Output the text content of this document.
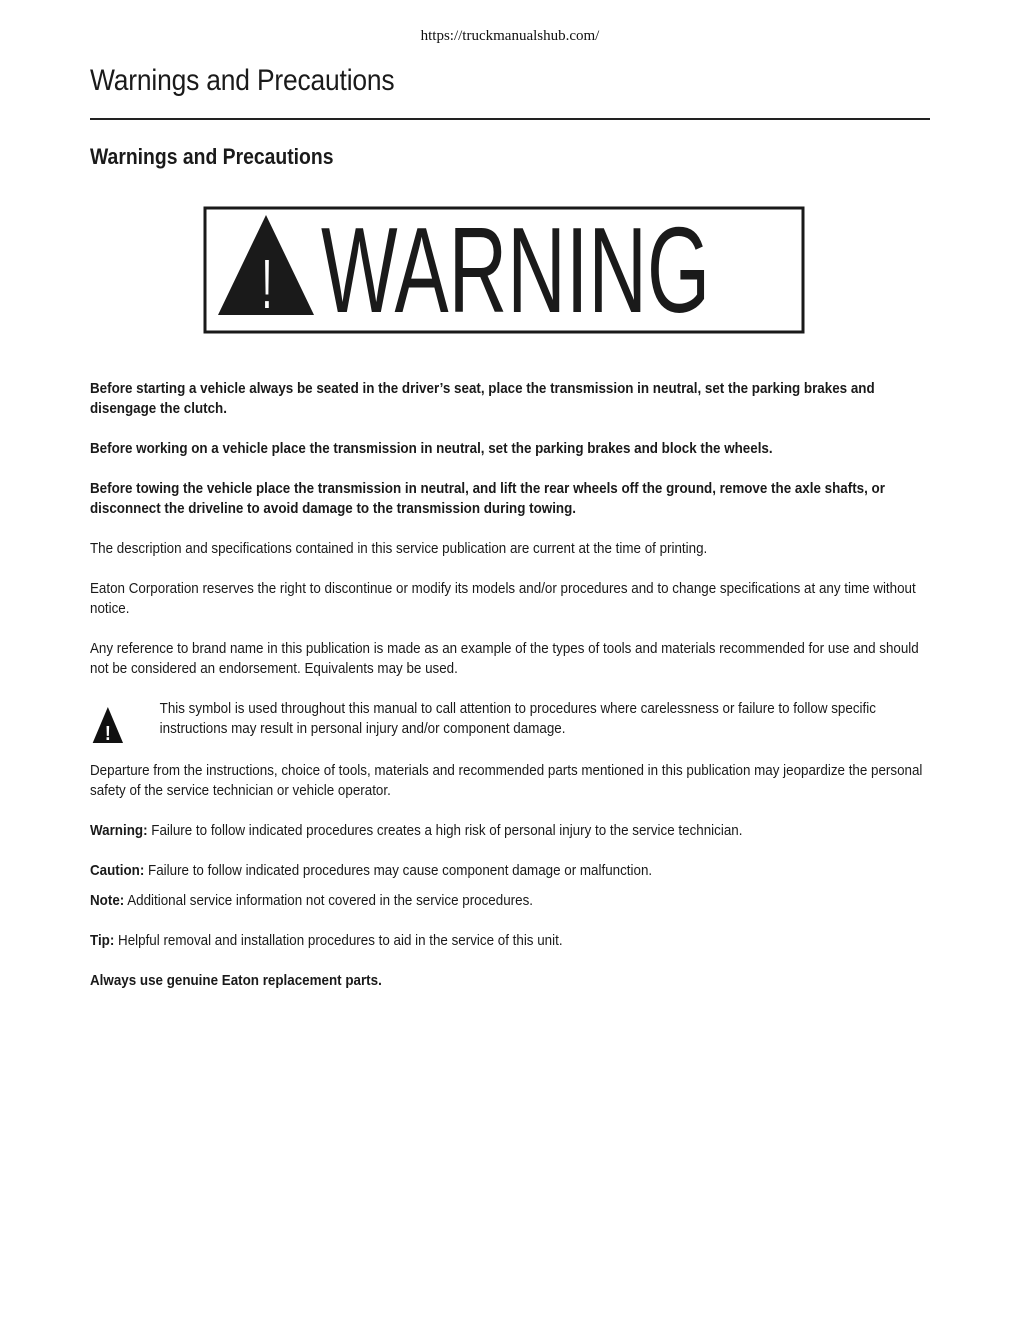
https://truckmanualshub.com/
Warnings and Precautions
Warnings and Precautions
! WARNING

Before starting a vehicle always be seated in the driver’s seat, place the transmission in neutral, set the parking brakes and disengage the clutch.

Before working on a vehicle place the transmission in neutral, set the parking brakes and block the wheels.

Before towing the vehicle place the transmission in neutral, and lift the rear wheels off the ground, remove the axle shafts, or disconnect the driveline to avoid damage to the transmission during towing.

The description and specifications contained in this service publication are current at the time of printing.

Eaton Corporation reserves the right to discontinue or modify its models and/or procedures and to change specifications at any time without notice.

Any reference to brand name in this publication is made as an example of the types of tools and materials recommended for use and should not be considered an endorsement. Equivalents may be used.

!

This symbol is used throughout this manual to call attention to procedures where carelessness or failure to follow specific instructions may result in personal injury and/or component damage.

Departure from the instructions, choice of tools, materials and recommended parts mentioned in this publication may jeopardize the personal safety of the service technician or vehicle operator.

Warning: Failure to follow indicated procedures creates a high risk of personal injury to the service technician.

Caution: Failure to follow indicated procedures may cause component damage or malfunction.

Note: Additional service information not covered in the service procedures.

Tip: Helpful removal and installation procedures to aid in the service of this unit.

Always use genuine Eaton replacement parts.
